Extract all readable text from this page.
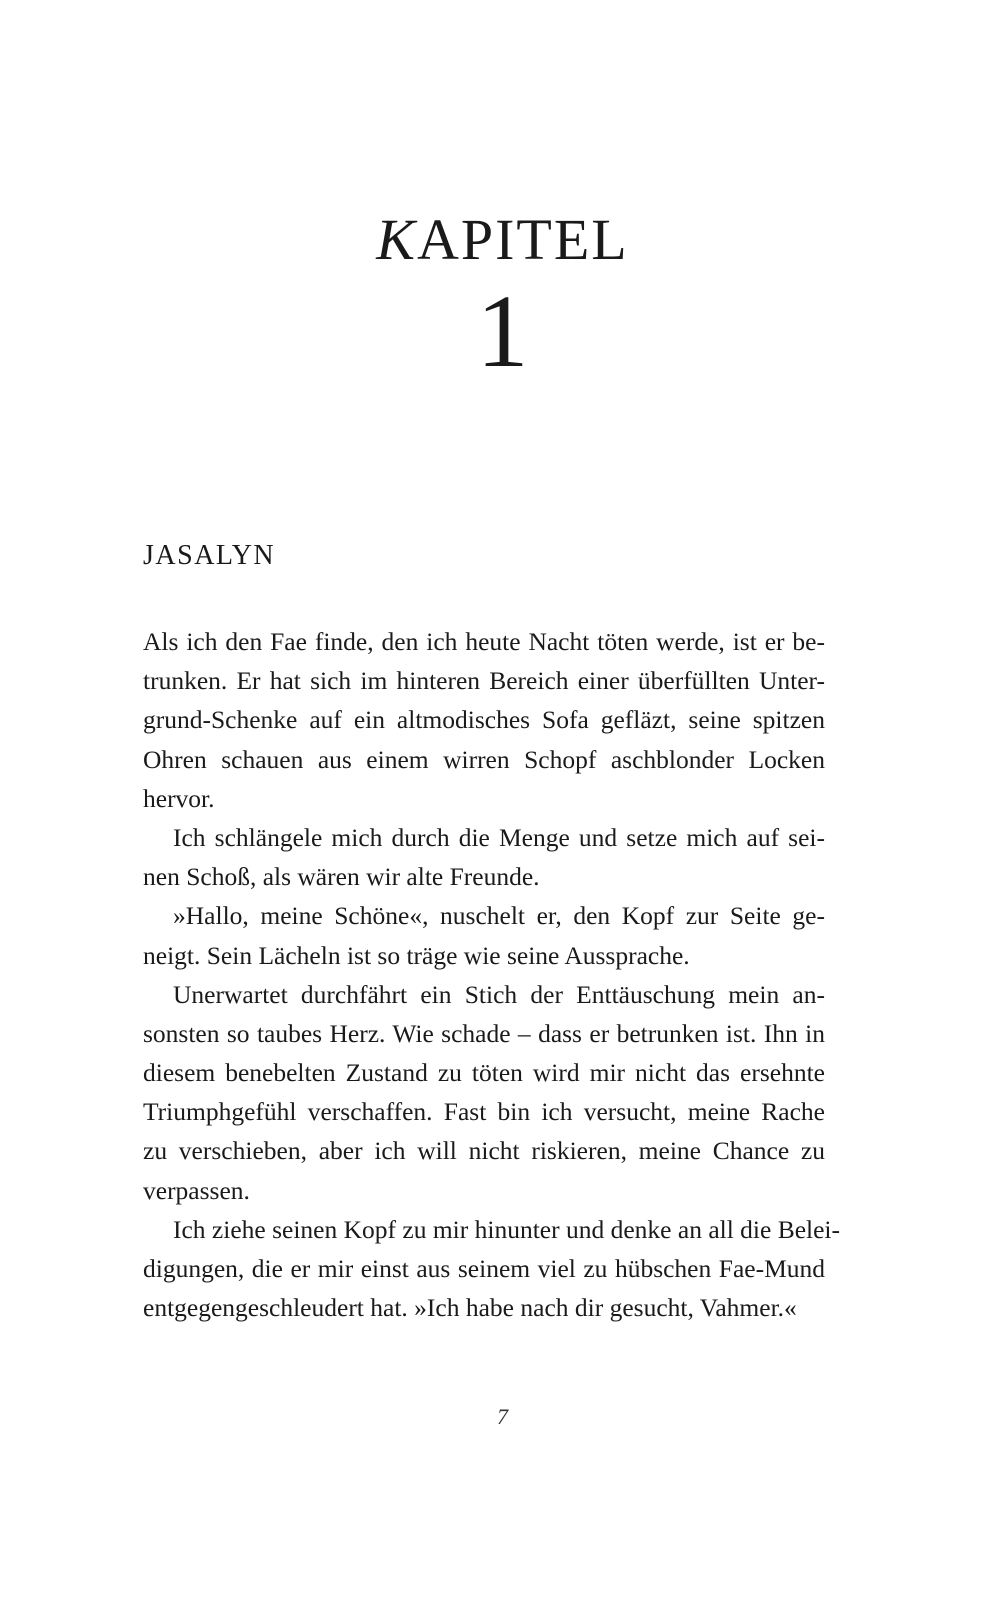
KAPITEL
1
JASALYN
Als ich den Fae finde, den ich heute Nacht töten werde, ist er be-
trunken. Er hat sich im hinteren Bereich einer überfüllten Unter-
grund-Schenke auf ein altmodisches Sofa gefläzt, seine spitzen
Ohren schauen aus einem wirren Schopf aschblonder Locken
hervor.
Ich schlängele mich durch die Menge und setze mich auf sei-
nen Schoß, als wären wir alte Freunde.
»Hallo, meine Schöne«, nuschelt er, den Kopf zur Seite ge-
neigt. Sein Lächeln ist so träge wie seine Aussprache.
Unerwartet durchfährt ein Stich der Enttäuschung mein an-
sonsten so taubes Herz. Wie schade – dass er betrunken ist. Ihn in
diesem benebelten Zustand zu töten wird mir nicht das ersehnte
Triumphgefühl verschaffen. Fast bin ich versucht, meine Rache
zu verschieben, aber ich will nicht riskieren, meine Chance zu
verpassen.
Ich ziehe seinen Kopf zu mir hinunter und denke an all die Belei-
digungen, die er mir einst aus seinem viel zu hübschen Fae-Mund
entgegengeschleudert hat. »Ich habe nach dir gesucht, Vahmer.«
7
